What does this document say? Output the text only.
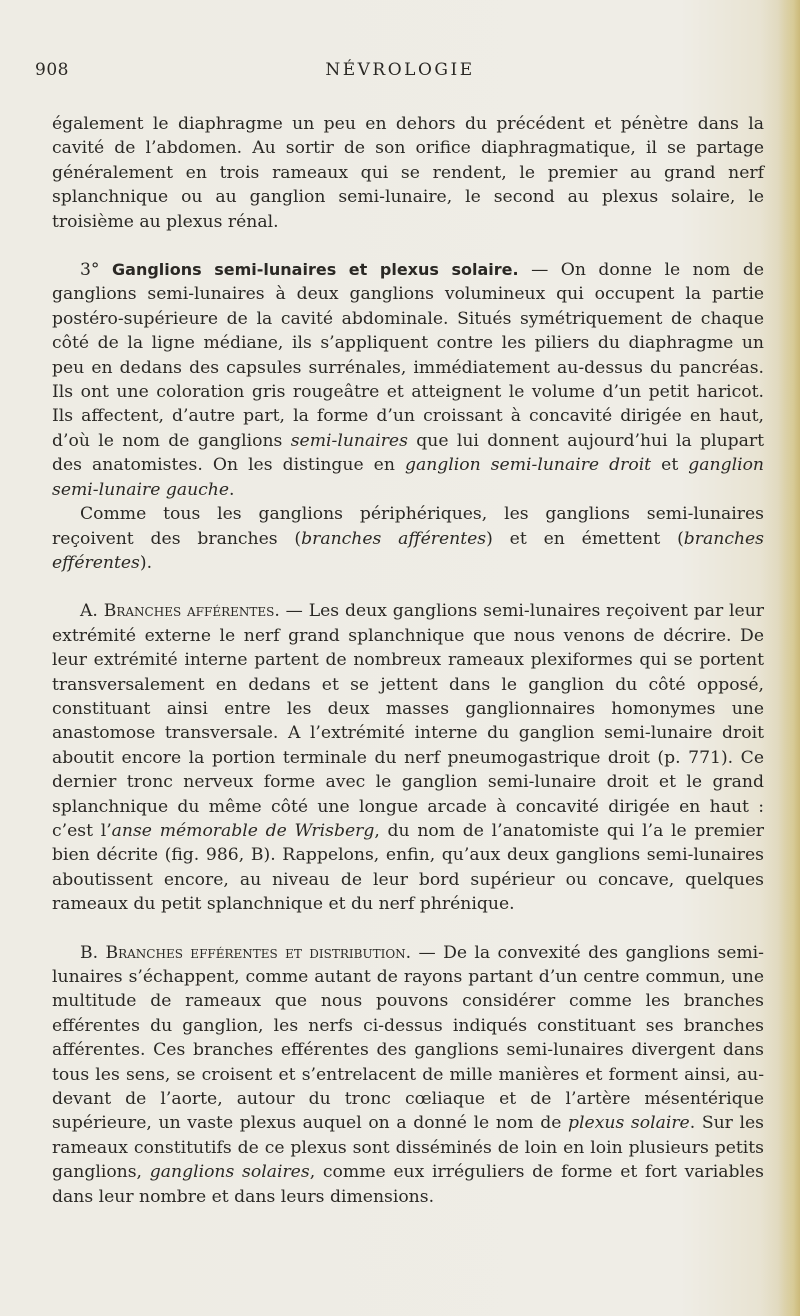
908	NÉVROLOGIE

également le diaphragme un peu en dehors du précédent et pénètre dans la cavité de l’abdomen. Au sortir de son orifice diaphragmatique, il se partage généralement en trois rameaux qui se rendent, le premier au grand nerf splanchnique ou au ganglion semi-lunaire, le second au plexus solaire, le troisième au plexus rénal.

3° Ganglions semi-lunaires et plexus solaire. — On donne le nom de ganglions semi-lunaires à deux ganglions volumineux qui occupent la partie postéro-supérieure de la cavité abdominale. Situés symétriquement de chaque côté de la ligne médiane, ils s’appliquent contre les piliers du diaphragme un peu en dedans des capsules surrénales, immédiatement au-dessus du pancréas. Ils ont une coloration gris rougeâtre et atteignent le volume d’un petit haricot. Ils affectent, d’autre part, la forme d’un croissant à concavité dirigée en haut, d’où le nom de ganglions semi-lunaires que lui donnent aujourd’hui la plupart des anatomistes. On les distingue en ganglion semi-lunaire droit et ganglion semi-lunaire gauche.

Comme tous les ganglions périphériques, les ganglions semi-lunaires reçoivent des branches (branches afférentes) et en émettent (branches efférentes).

A. Branches afférentes. — Les deux ganglions semi-lunaires reçoivent par leur extrémité externe le nerf grand splanchnique que nous venons de décrire. De leur extrémité interne partent de nombreux rameaux plexiformes qui se portent transversalement en dedans et se jettent dans le ganglion du côté opposé, constituant ainsi entre les deux masses ganglionnaires homonymes une anastomose transversale. A l’extrémité interne du ganglion semi-lunaire droit aboutit encore la portion terminale du nerf pneumogastrique droit (p. 771). Ce dernier tronc nerveux forme avec le ganglion semi-lunaire droit et le grand splanchnique du même côté une longue arcade à concavité dirigée en haut : c’est l’anse mémorable de Wrisberg, du nom de l’anatomiste qui l’a le premier bien décrite (fig. 986, B). Rappelons, enfin, qu’aux deux ganglions semi-lunaires aboutissent encore, au niveau de leur bord supérieur ou concave, quelques rameaux du petit splanchnique et du nerf phrénique.

B. Branches efférentes et distribution. — De la convexité des ganglions semi-lunaires s’échappent, comme autant de rayons partant d’un centre commun, une multitude de rameaux que nous pouvons considérer comme les branches efférentes du ganglion, les nerfs ci-dessus indiqués constituant ses branches afférentes. Ces branches efférentes des ganglions semi-lunaires divergent dans tous les sens, se croisent et s’entrelacent de mille manières et forment ainsi, au-devant de l’aorte, autour du tronc cœliaque et de l’artère mésentérique supérieure, un vaste plexus auquel on a donné le nom de plexus solaire. Sur les rameaux constitutifs de ce plexus sont disséminés de loin en loin plusieurs petits ganglions, ganglions solaires, comme eux irréguliers de forme et fort variables dans leur nombre et dans leurs dimensions.
